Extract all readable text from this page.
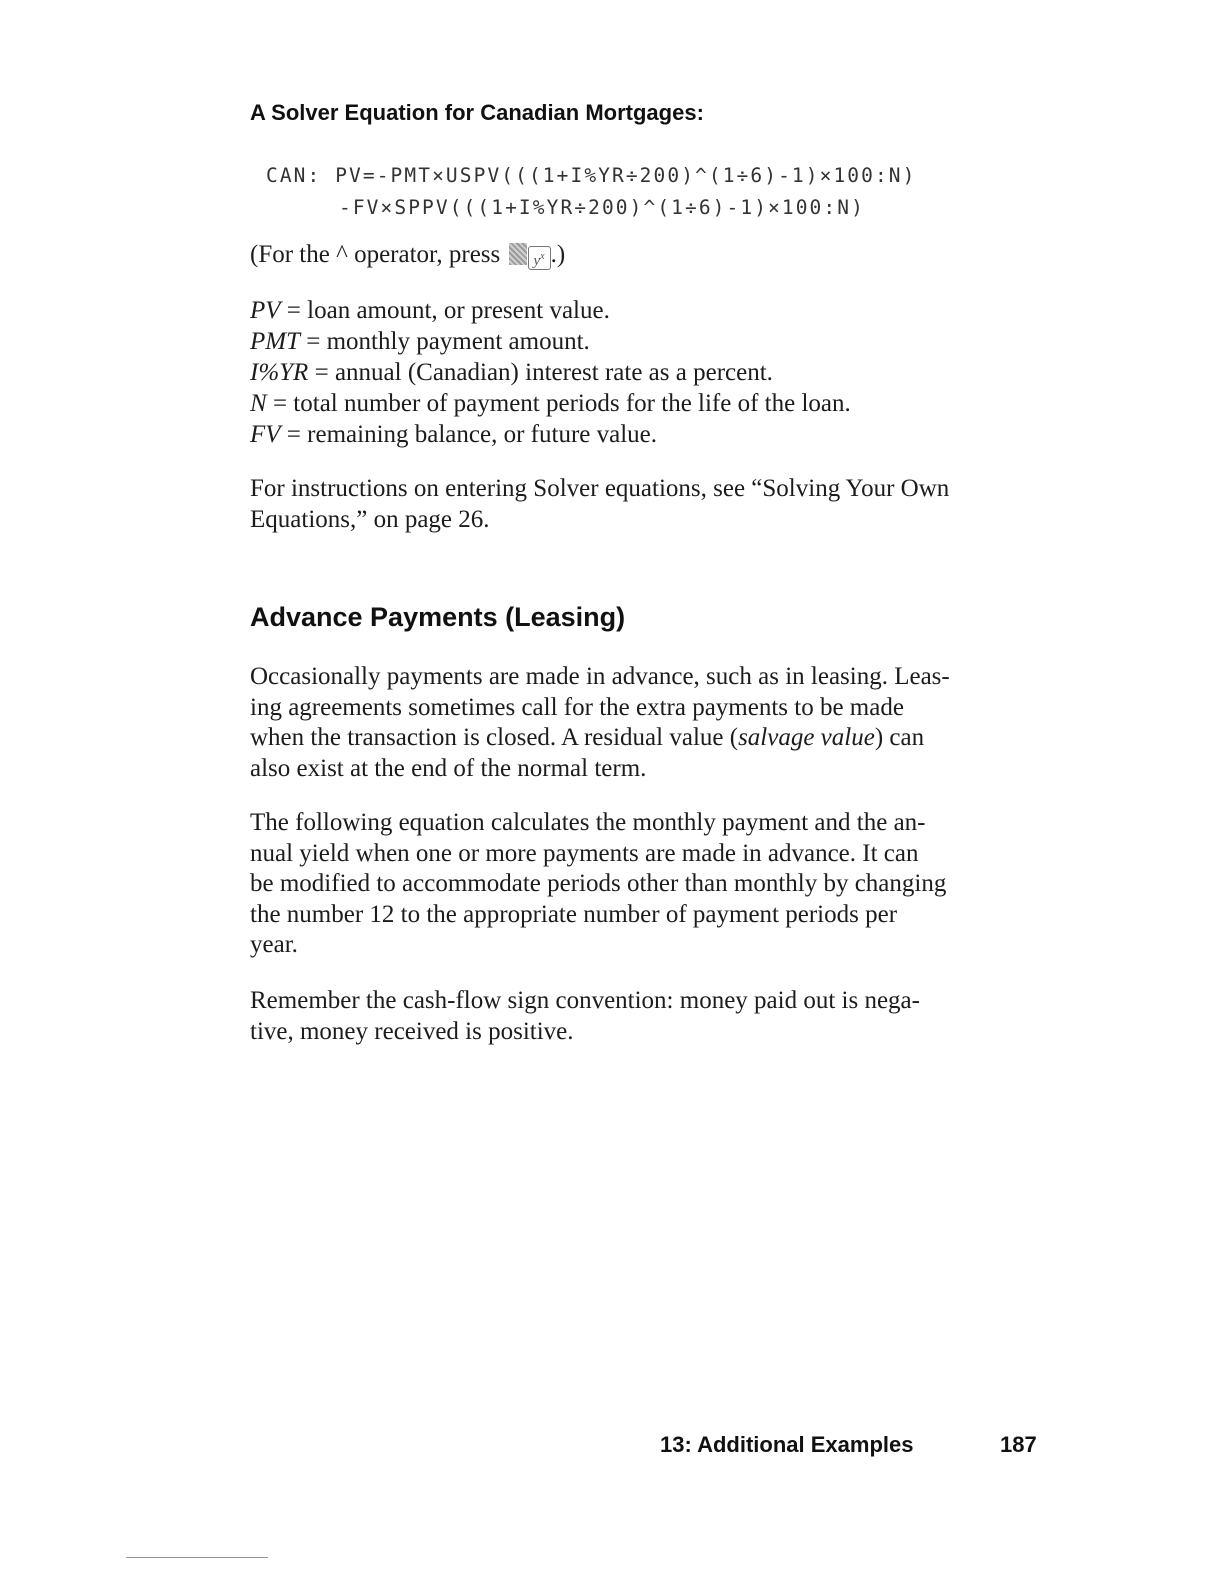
A Solver Equation for Canadian Mortgages:
CAN: PV=-PMT×USPV(((1+I%YR÷200)^(1÷6)-1)×100:N)
-FV×SPPV(((1+I%YR÷200)^(1÷6)-1)×100:N)
(For the ^ operator, press $y^x$ .)
PV = loan amount, or present value.
PMT = monthly payment amount.
I%YR = annual (Canadian) interest rate as a percent.
N = total number of payment periods for the life of the loan.
FV = remaining balance, or future value.

For instructions on entering Solver equations, see “Solving Your Own
Equations,” on page 26.

Advance Payments (Leasing)

Occasionally payments are made in advance, such as in leasing. Leas-
ing agreements sometimes call for the extra payments to be made
when the transaction is closed. A residual value (salvage value) can
also exist at the end of the normal term.

The following equation calculates the monthly payment and the an-
nual yield when one or more payments are made in advance. It can
be modified to accommodate periods other than monthly by changing
the number 12 to the appropriate number of payment periods per
year.

Remember the cash-flow sign convention: money paid out is nega-
tive, money received is positive.

13: Additional Examples	187
